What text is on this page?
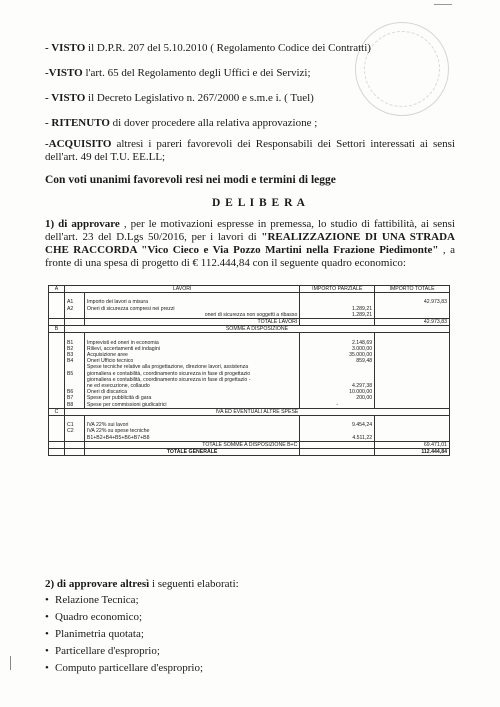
- VISTO il D.P.R. 207 del 5.10.2010 ( Regolamento Codice dei Contratti)
-VISTO l'art. 65 del Regolamento degli Uffici e dei Servizi;
- VISTO il Decreto Legislativo n. 267/2000 e s.m.e i. ( Tuel)
- RITENUTO di dover procedere alla relativa approvazione ;
-ACQUISITO altresì i pareri favorevoli dei Responsabili dei Settori interessati ai sensi dell'art. 49 del T.U. EE.LL;
Con voti unanimi favorevoli resi nei modi e termini di legge
D E L I B E R A
1) di approvare , per le motivazioni espresse in premessa, lo studio di fattibilità, ai sensi dell'art. 23 del D.Lgs 50/2016, per i lavori di "REALIZZAZIONE DI UNA STRADA CHE RACCORDA "Vico Cieco e Via Pozzo Martini nella Frazione Piedimonte" , a fronte di una spesa di progetto di € 112.444,84 con il seguente quadro economico:
A	LAVORI		IMPORTO PARZIALE	IMPORTO TOTALE

	A1	Importo dei lavori a misura		42.973,83
	A2	Oneri di sicurezza compresi nei prezzi	1.289,21	
		oneri di sicurezza non soggetti a ribasso	1.289,21	
		TOTALE LAVORI		42.973,83
B	SOMME A DISPOSIZIONE			

	B1	Imprevisti ed oneri in economia	2.148,69	
	B2	Rilievi, accertamenti ed indagini	3.000,00	
	B3	Acquisizione aree	35.000,00	
	B4	Oneri Ufficio tecnico	859,48	
		Spese tecniche relative alla progettazione, direzione lavori, assistenza		
	B5	giornaliera e contabilità, coordinamento sicurezza in fase di progettazio		
		giornaliera e contabilità, coordinamento sicurezza in fase di prgettazio -		
		ne ed esecuzione, collaudo	4.297,38	
	B6	Oneri di discarica	10.000,00	
	B7	Spese per pubblicità di gara	200,00	
	B8	Spese per commissioni giudicatrici	-	
C	IVA ED EVENTUALI ALTRE SPESE			

	C1	IVA 22% sui lavori	9.454,24	
	C2	IVA 22% su spese tecniche		
		B1+B2+B4+B5+B6+B7+B8	4.511,22	
		TOTALE SOMME A DISPOSIZIONE B+C		69.471,01
		TOTALE GENERALE		112.444,84
2) di approvare altresì i seguenti elaborati:
• Relazione Tecnica;
• Quadro economico;
• Planimetria quotata;
• Particellare d'esproprio;
• Computo particellare d'esproprio;
